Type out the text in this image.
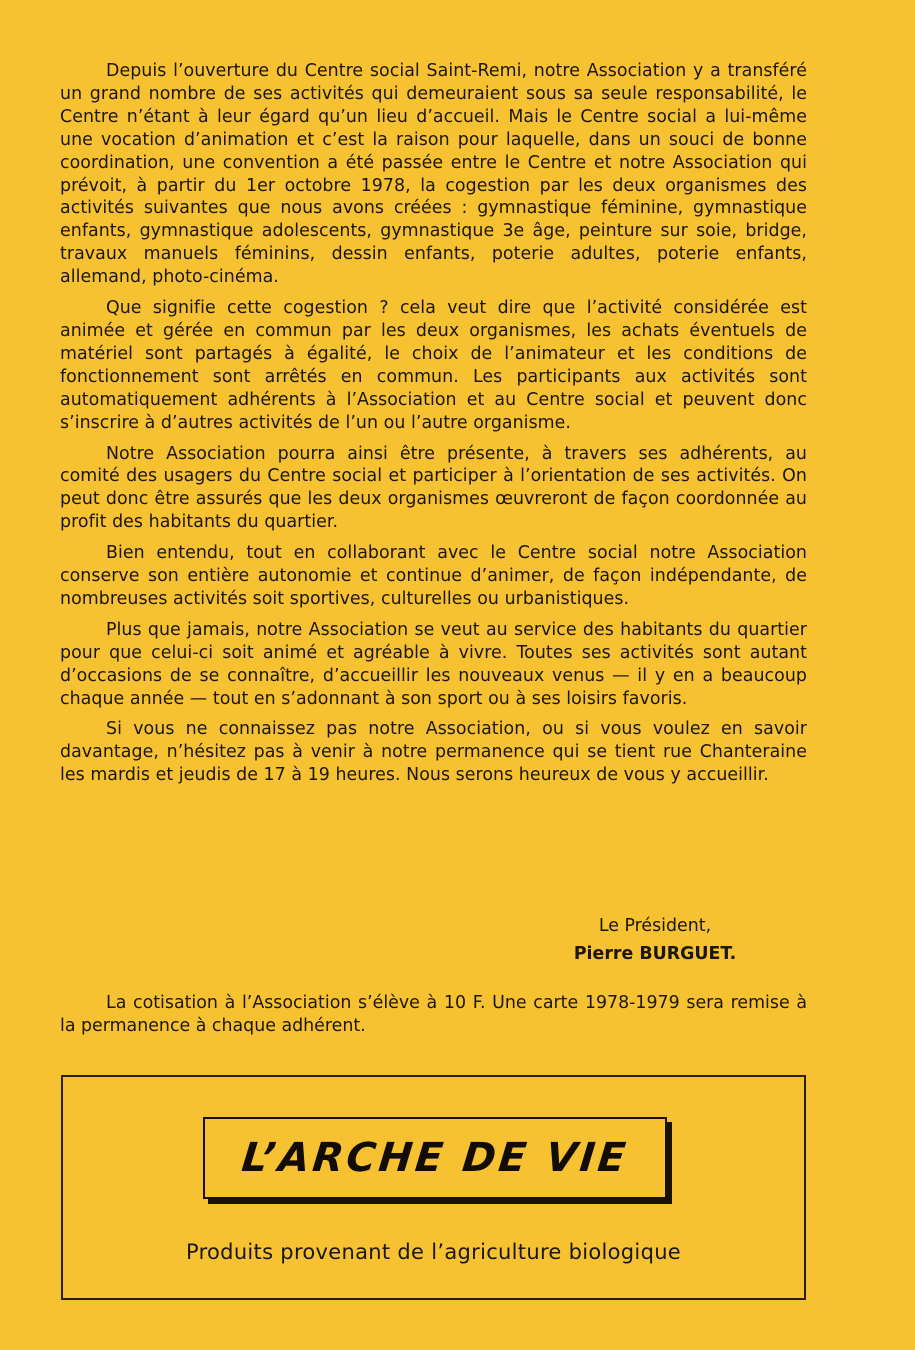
Depuis l’ouverture du Centre social Saint-Remi, notre Association y a transféré un grand nombre de ses activités qui demeuraient sous sa seule responsabilité, le Centre n’étant à leur égard qu’un lieu d’accueil. Mais le Centre social a lui-même une vocation d’animation et c’est la raison pour laquelle, dans un souci de bonne coordination, une convention a été passée entre le Centre et notre Association qui prévoit, à partir du 1er octobre 1978, la cogestion par les deux organismes des activités suivantes que nous avons créées : gymnastique féminine, gymnastique enfants, gymnastique adolescents, gymnastique 3e âge, peinture sur soie, bridge, travaux manuels féminins, dessin enfants, poterie adultes, poterie enfants, allemand, photo-cinéma.

Que signifie cette cogestion ? cela veut dire que l’activité considérée est animée et gérée en commun par les deux organismes, les achats éventuels de matériel sont partagés à égalité, le choix de l’animateur et les conditions de fonctionnement sont arrêtés en commun. Les participants aux activités sont automatiquement adhérents à l’Association et au Centre social et peuvent donc s’inscrire à d’autres activités de l’un ou l’autre organisme.

Notre Association pourra ainsi être présente, à travers ses adhérents, au comité des usagers du Centre social et participer à l’orientation de ses activités. On peut donc être assurés que les deux organismes œuvreront de façon coordonnée au profit des habitants du quartier.

Bien entendu, tout en collaborant avec le Centre social notre Association conserve son entière autonomie et continue d’animer, de façon indépendante, de nombreuses activités soit sportives, culturelles ou urbanistiques.

Plus que jamais, notre Association se veut au service des habitants du quartier pour que celui-ci soit animé et agréable à vivre. Toutes ses activités sont autant d’occasions de se connaître, d’accueillir les nouveaux venus — il y en a beaucoup chaque année — tout en s’adonnant à son sport ou à ses loisirs favoris.

Si vous ne connaissez pas notre Association, ou si vous voulez en savoir davantage, n’hésitez pas à venir à notre permanence qui se tient rue Chanteraine les mardis et jeudis de 17 à 19 heures. Nous serons heureux de vous y accueillir.

Le Président,
Pierre BURGUET.

La cotisation à l’Association s’élève à 10 F. Une carte 1978-1979 sera remise à la permanence à chaque adhérent.

L’ARCHE DE VIE
Produits provenant de l’agriculture biologique
